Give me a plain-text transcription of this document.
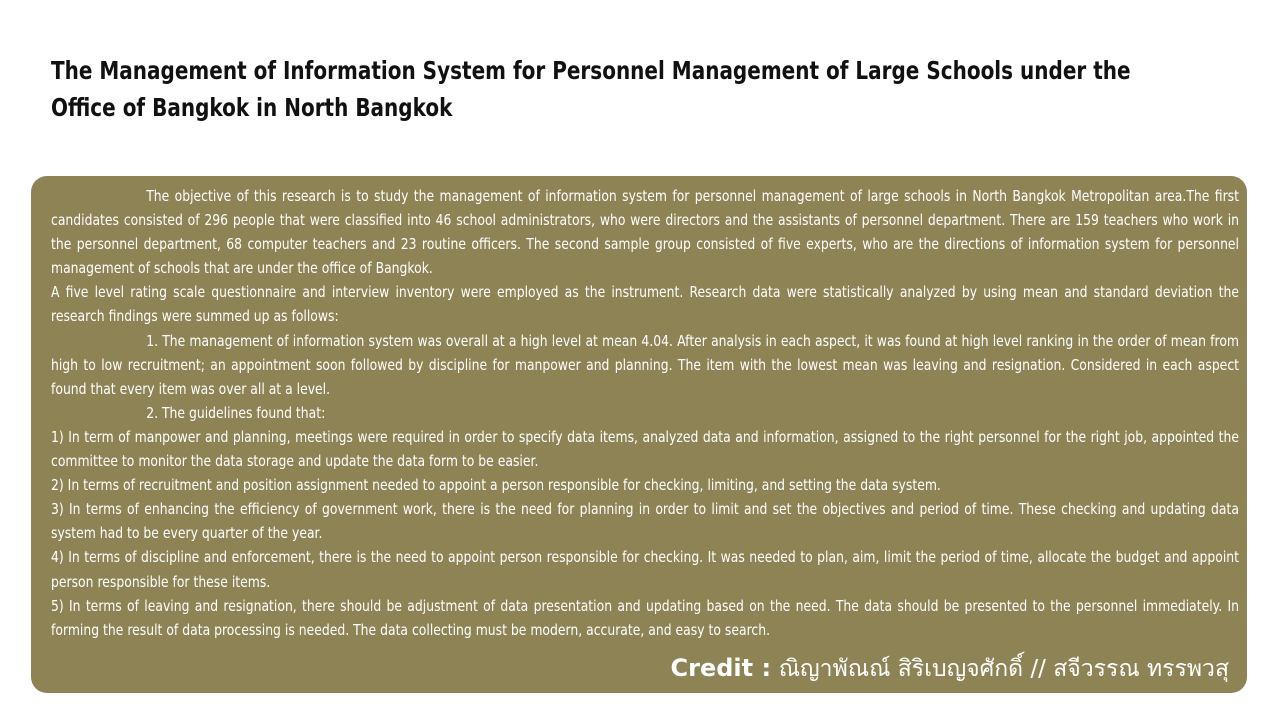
The Management of Information System for Personnel Management of Large Schools under the Office of Bangkok in North Bangkok

The objective of this research is to study the management of information system for personnel management of large schools in North Bangkok Metropolitan area.The first candidates consisted of 296 people that were classified into 46 school administrators, who were directors and the assistants of personnel department. There are 159 teachers who work in the personnel department, 68 computer teachers and 23 routine officers. The second sample group consisted of five experts, who are the directions of information system for personnel management of schools that are under the office of Bangkok.

A five level rating scale questionnaire and interview inventory were employed as the instrument. Research data were statistically analyzed by using mean and standard deviation the research findings were summed up as follows:

1. The management of information system was overall at a high level at mean 4.04. After analysis in each aspect, it was found at high level ranking in the order of mean from high to low recruitment; an appointment soon followed by discipline for manpower and planning. The item with the lowest mean was leaving and resignation. Considered in each aspect found that every item was over all at a level.

2. The guidelines found that:

1) In term of manpower and planning, meetings were required in order to specify data items, analyzed data and information, assigned to the right personnel for the right job, appointed the committee to monitor the data storage and update the data form to be easier.

2) In terms of recruitment and position assignment needed to appoint a person responsible for checking, limiting, and setting the data system.

3) In terms of enhancing the efficiency of government work, there is the need for planning in order to limit and set the objectives and period of time. These checking and updating data system had to be every quarter of the year.

4) In terms of discipline and enforcement, there is the need to appoint person responsible for checking. It was needed to plan, aim, limit the period of time, allocate the budget and appoint person responsible for these items.

5) In terms of leaving and resignation, there should be adjustment of data presentation and updating based on the need. The data should be presented to the personnel immediately. In forming the result of data processing is needed. The data collecting must be modern, accurate, and easy to search.

Credit : ณิญาพัณณ์ สิริเบญจศักดิ์ // สจีวรรณ ทรรพวสุ
